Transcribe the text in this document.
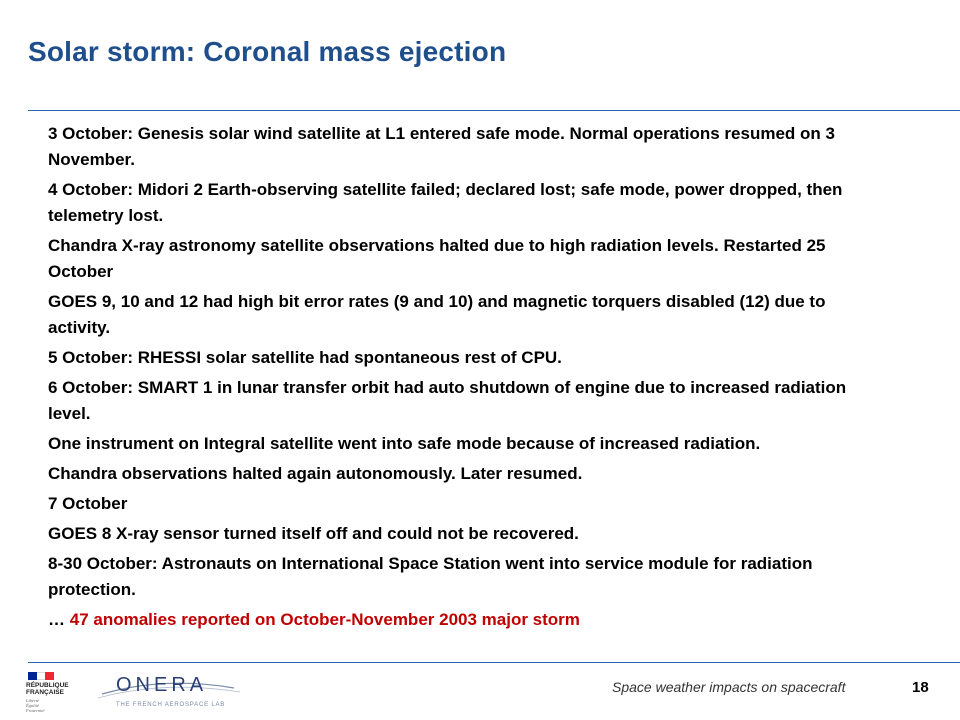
Solar storm: Coronal mass ejection

3 October: Genesis solar wind satellite at L1 entered safe mode. Normal operations resumed on 3 November.

4 October: Midori 2 Earth-observing satellite failed; declared lost; safe mode, power dropped, then telemetry lost.

Chandra X-ray astronomy satellite observations halted due to high radiation levels. Restarted 25 October

GOES 9, 10 and 12 had high bit error rates (9 and 10) and magnetic torquers disabled (12) due to activity.

5 October: RHESSI solar satellite had spontaneous rest of CPU.

6 October: SMART 1 in lunar transfer orbit had auto shutdown of engine due to increased radiation level.

One instrument on Integral satellite went into safe mode because of increased radiation.

Chandra observations halted again autonomously. Later resumed.

7 October

GOES 8 X-ray sensor turned itself off and could not be recovered.

8-30 October: Astronauts on International Space Station went into service module for radiation protection.

… 47 anomalies reported on October-November 2003 major storm

RÉPUBLIQUE
FRANÇAISE
Liberté
Égalité
Fraternité
ONERA
THE FRENCH AEROSPACE LAB
Space weather impacts on spacecraft	18
